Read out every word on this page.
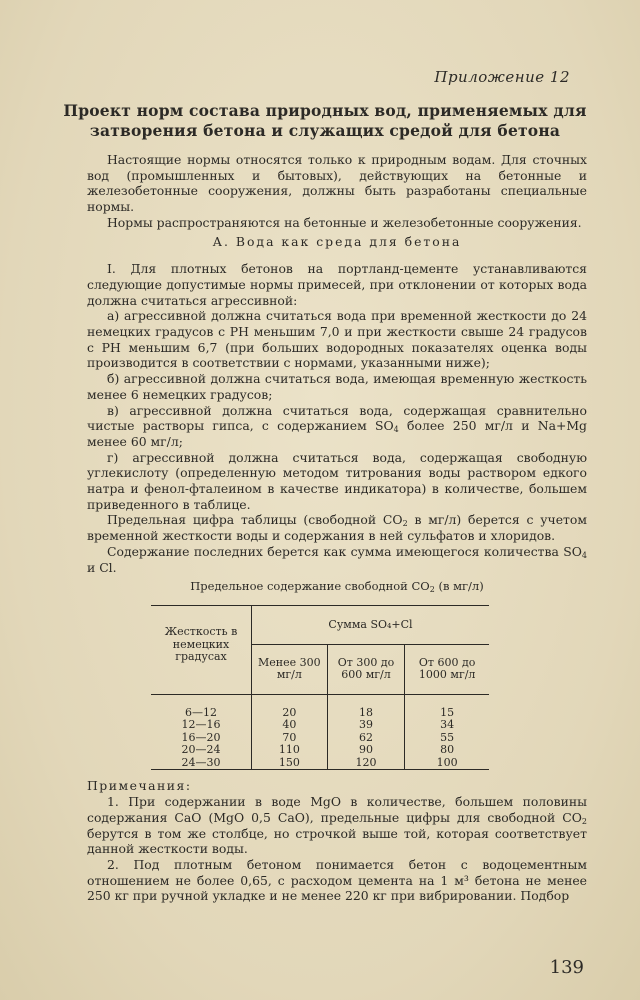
Приложение 12
Проект норм состава природных вод, применяемых для затворения бетона и служащих средой для бетона

Настоящие нормы относятся только к природным водам. Для сточных вод (промышленных и бытовых), действующих на бетонные и железобетонные сооружения, должны быть разработаны специальные нормы.

Нормы распространяются на бетонные и железобетонные сооружения.

А. Вода как среда для бетона

I. Для плотных бетонов на портланд-цементе устанавливаются следующие допустимые нормы примесей, при отклонении от которых вода должна считаться агрессивной:

а) агрессивной должна считаться вода при временной жесткости до 24 немецких градусов с PH меньшим 7,0 и при жесткости свыше 24 градусов с PH меньшим 6,7 (при больших водородных показателях оценка воды производится в соответствии с нормами, указанными ниже);

б) агрессивной должна считаться вода, имеющая временную жесткость менее 6 немецких градусов;

в) агрессивной должна считаться вода, содержащая сравнительно чистые растворы гипса, с содержанием $SO_4$ более 250 мг/л и Na+Mg менее 60 мг/л;

г) агрессивной должна считаться вода, содержащая свободную углекислоту (определенную методом титрования воды раствором едкого натра и фенол-фталеином в качестве индикатора) в количестве, большем приведенного в таблице.

Предельная цифра таблицы (свободной $CO_2$ в мг/л) берется с учетом временной жесткости воды и содержания в ней сульфатов и хлоридов.

Содержание последних берется как сумма имеющегося количества $SO_4$ и Cl.

Предельное содержание свободной $CO_2$ (в мг/л)

Жесткость в немецких градусах	Сумма SO₄+Cl		
	Менее 300 мг/л	От 300 до 600 мг/л	От 600 до 1000 мг/л
6—12	20	18	15
12—16	40	39	34
16—20	70	62	55
20—24	110	90	80
24—30	150	120	100

Примечания:

1. При содержании в воде MgO в количестве, большем половины содержания CaO (MgO 0,5 CaO), предельные цифры для свободной $CO_2$ берутся в том же столбце, но строчкой выше той, которая соответствует данной жесткости воды.

2. Под плотным бетоном понимается бетон с водоцементным отношением не более 0,65, с расходом цемента на 1 м³ бетона не менее 250 кг при ручной укладке и не менее 220 кг при вибрировании. Подбор

139
